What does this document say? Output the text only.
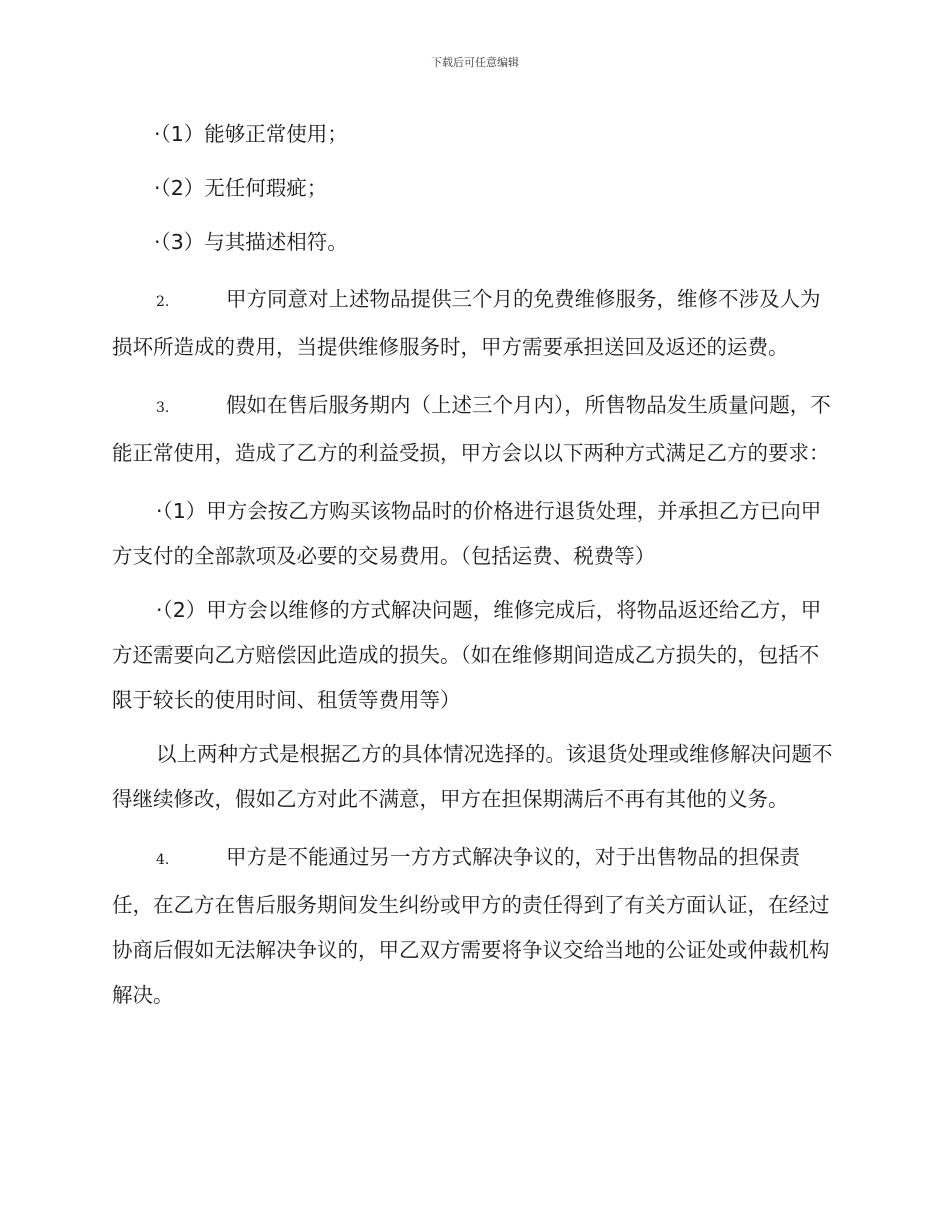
下载后可任意编辑

·（1）能够正常使用；

·（2）无任何瑕疵；

·（3）与其描述相符。

2.	甲方同意对上述物品提供三个月的免费维修服务，维修不涉及人为损坏所造成的费用，当提供维修服务时，甲方需要承担送回及返还的运费。

3.	假如在售后服务期内（上述三个月内），所售物品发生质量问题，不能正常使用，造成了乙方的利益受损，甲方会以以下两种方式满足乙方的要求：

·（1）甲方会按乙方购买该物品时的价格进行退货处理，并承担乙方已向甲方支付的全部款项及必要的交易费用。（包括运费、税费等）

·（2）甲方会以维修的方式解决问题，维修完成后，将物品返还给乙方，甲方还需要向乙方赔偿因此造成的损失。（如在维修期间造成乙方损失的，包括不限于较长的使用时间、租赁等费用等）

以上两种方式是根据乙方的具体情况选择的。该退货处理或维修解决问题不得继续修改，假如乙方对此不满意，甲方在担保期满后不再有其他的义务。

4.	甲方是不能通过另一方方式解决争议的，对于出售物品的担保责任，在乙方在售后服务期间发生纠纷或甲方的责任得到了有关方面认证，在经过协商后假如无法解决争议的，甲乙双方需要将争议交给当地的公证处或仲裁机构解决。
